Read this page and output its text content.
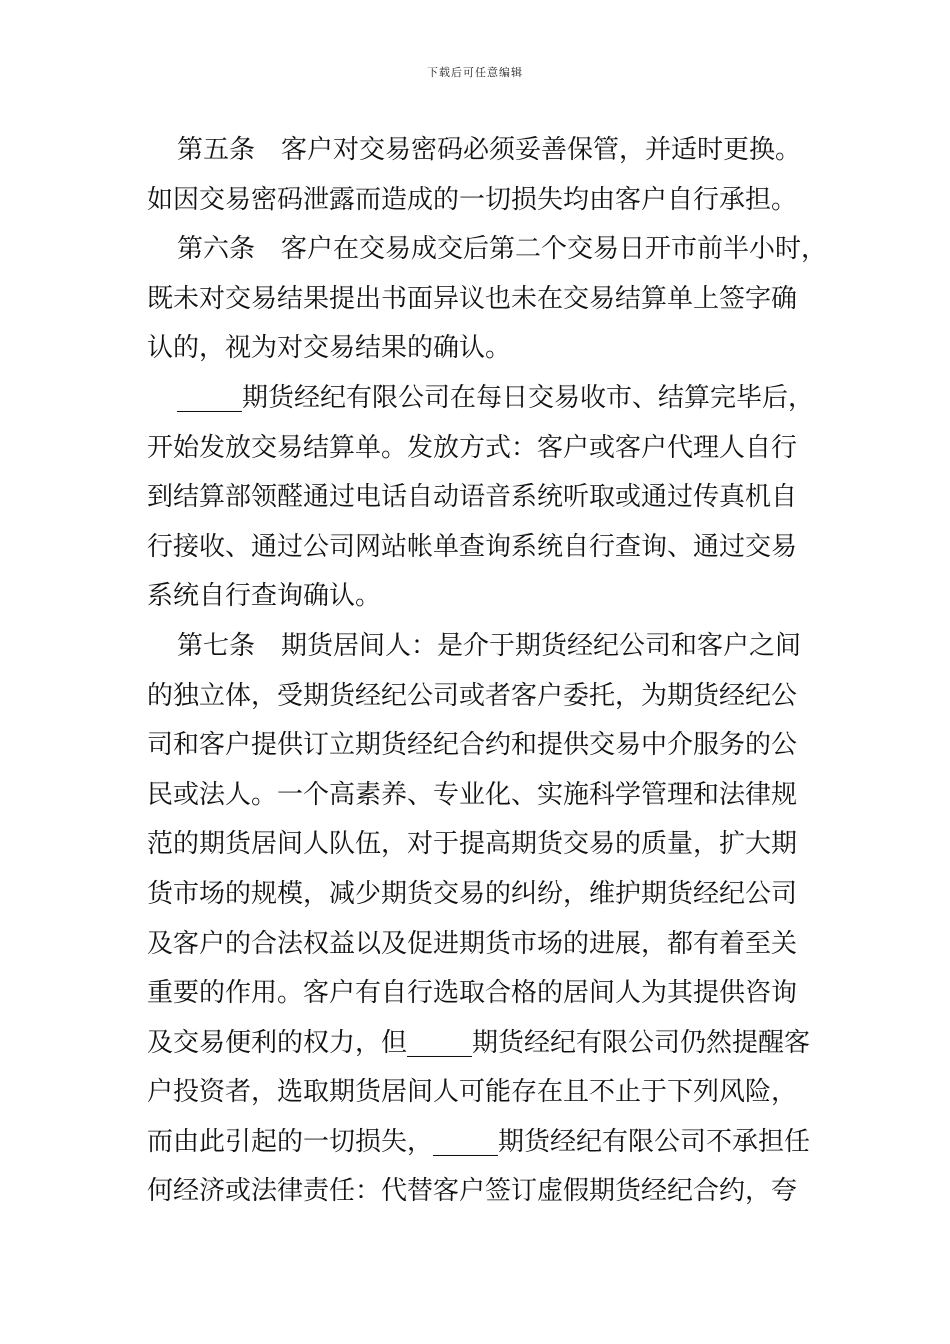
下载后可任意编辑
第五条　客户对交易密码必须妥善保管，并适时更换。
如因交易密码泄露而造成的一切损失均由客户自行承担。
第六条　客户在交易成交后第二个交易日开市前半小时，
既未对交易结果提出书面异议也未在交易结算单上签字确
认的，视为对交易结果的确认。
_____期货经纪有限公司在每日交易收市、结算完毕后，
开始发放交易结算单。发放方式：客户或客户代理人自行
到结算部领醛通过电话自动语音系统听取或通过传真机自
行接收、通过公司网站帐单查询系统自行查询、通过交易
系统自行查询确认。
第七条　期货居间人：是介于期货经纪公司和客户之间
的独立体，受期货经纪公司或者客户委托，为期货经纪公
司和客户提供订立期货经纪合约和提供交易中介服务的公
民或法人。一个高素养、专业化、实施科学管理和法律规
范的期货居间人队伍，对于提高期货交易的质量，扩大期
货市场的规模，减少期货交易的纠纷，维护期货经纪公司
及客户的合法权益以及促进期货市场的进展，都有着至关
重要的作用。客户有自行选取合格的居间人为其提供咨询
及交易便利的权力，但_____期货经纪有限公司仍然提醒客
户投资者，选取期货居间人可能存在且不止于下列风险，
而由此引起的一切损失，_____期货经纪有限公司不承担任
何经济或法律责任：代替客户签订虚假期货经纪合约，夸
